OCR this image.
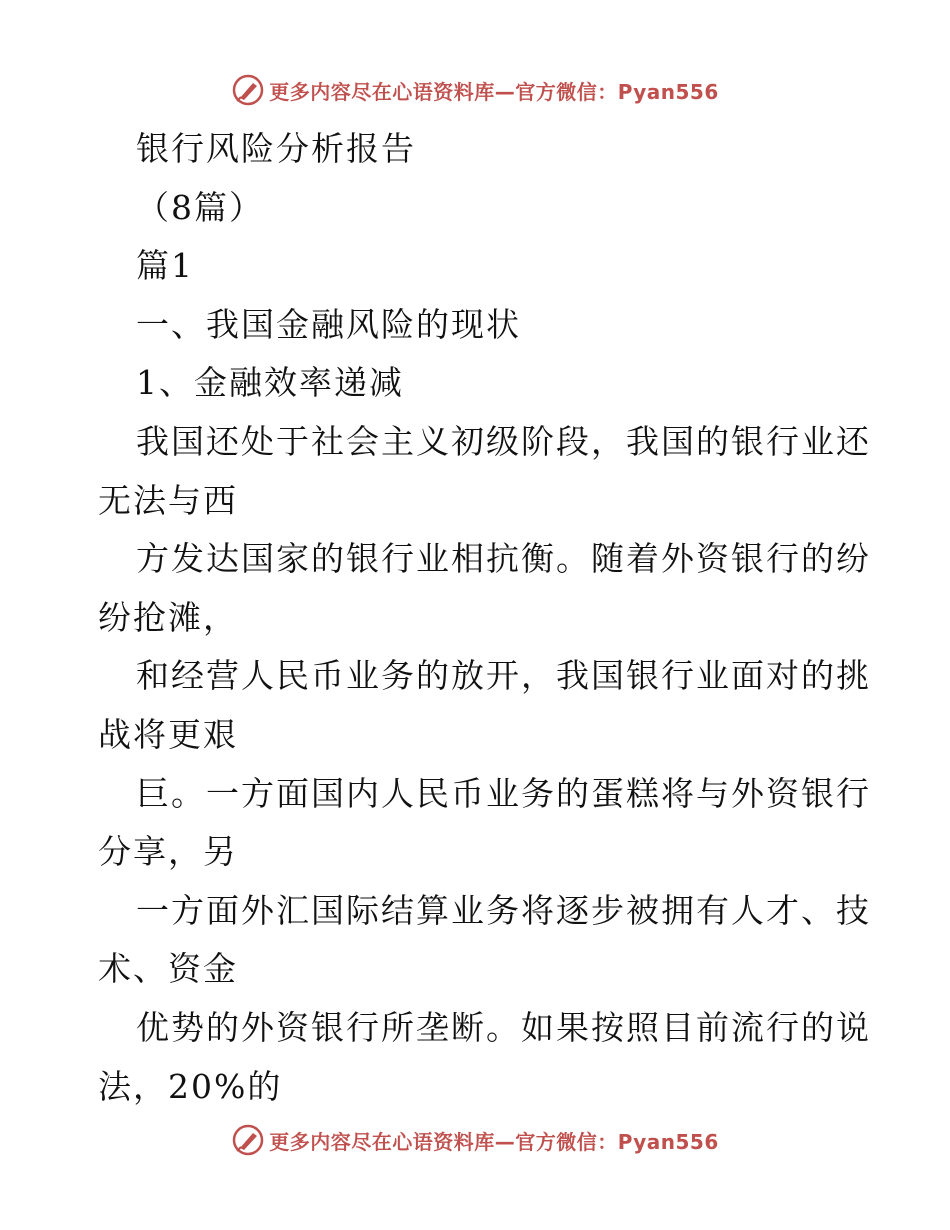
更多内容尽在心语资料库—官方微信：Pyan556
银行风险分析报告
（8篇）
篇1
一、我国金融风险的现状
1、金融效率递减
我国还处于社会主义初级阶段，我国的银行业还
无法与西
方发达国家的银行业相抗衡。随着外资银行的纷
纷抢滩，
和经营人民币业务的放开，我国银行业面对的挑
战将更艰
巨。一方面国内人民币业务的蛋糕将与外资银行
分享，另
一方面外汇国际结算业务将逐步被拥有人才、技
术、资金
优势的外资银行所垄断。如果按照目前流行的说
法，20%的
更多内容尽在心语资料库—官方微信：Pyan556
